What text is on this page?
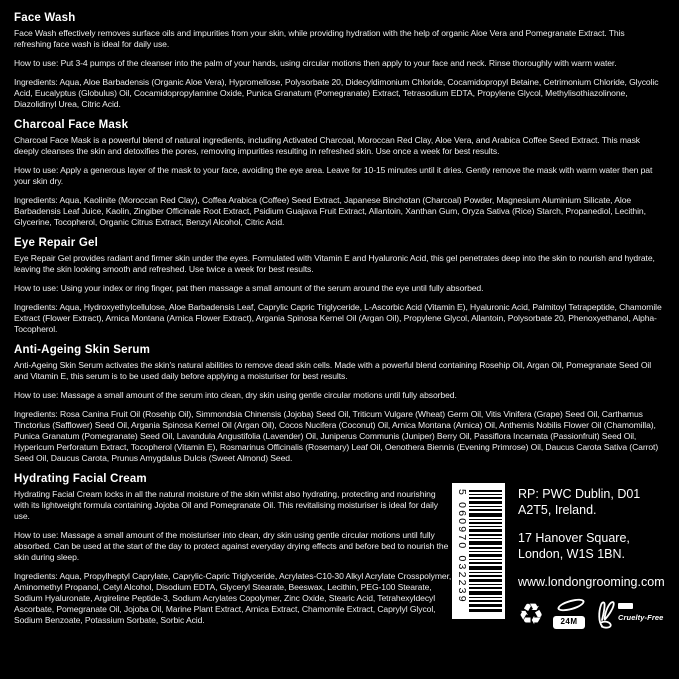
Face Wash

Face Wash effectively removes surface oils and impurities from your skin, while providing hydration with the help of organic Aloe Vera and Pomegranate Extract. This refreshing face wash is ideal for daily use.

How to use: Put 3-4 pumps of the cleanser into the palm of your hands, using circular motions then apply to your face and neck. Rinse thoroughly with warm water.

Ingredients: Aqua, Aloe Barbadensis (Organic Aloe Vera), Hypromellose, Polysorbate 20, Didecyldimonium Chloride, Cocamidopropyl Betaine, Cetrimonium Chloride, Glycolic Acid, Eucalyptus (Globulus) Oil, Cocamidopropylamine Oxide, Punica Granatum (Pomegranate) Extract, Tetrasodium EDTA, Propylene Glycol, Methylisothiazolinone, Diazolidinyl Urea, Citric Acid.

Charcoal Face Mask

Charcoal Face Mask is a powerful blend of natural ingredients, including Activated Charcoal, Moroccan Red Clay, Aloe Vera, and Arabica Coffee Seed Extract. This mask deeply cleanses the skin and detoxifies the pores, removing impurities resulting in refreshed skin. Use once a week for best results.

How to use: Apply a generous layer of the mask to your face, avoiding the eye area. Leave for 10-15 minutes until it dries. Gently remove the mask with warm water then pat your skin dry.

Ingredients: Aqua, Kaolinite (Moroccan Red Clay), Coffea Arabica (Coffee) Seed Extract, Japanese Binchotan (Charcoal) Powder, Magnesium Aluminium Silicate, Aloe Barbadensis Leaf Juice, Kaolin, Zingiber Officinale Root Extract, Psidium Guajava Fruit Extract, Allantoin, Xanthan Gum, Oryza Sativa (Rice) Starch, Propanediol, Lecithin, Glycerine, Tocopherol, Organic Citrus Extract, Benzyl Alcohol, Citric Acid.

Eye Repair Gel

Eye Repair Gel provides radiant and firmer skin under the eyes. Formulated with Vitamin E and Hyaluronic Acid, this gel penetrates deep into the skin to nourish and hydrate, leaving the skin looking smooth and refreshed. Use twice a week for best results.

How to use: Using your index or ring finger, pat then massage a small amount of the serum around the eye until fully absorbed.

Ingredients: Aqua, Hydroxyethylcellulose, Aloe Barbadensis Leaf, Caprylic Capric Triglyceride, L-Ascorbic Acid (Vitamin E), Hyaluronic Acid, Palmitoyl Tetrapeptide, Chamomile Extract (Flower Extract), Arnica Montana (Arnica Flower Extract), Argania Spinosa Kernel Oil (Argan Oil), Propylene Glycol, Allantoin, Polysorbate 20, Phenoxyethanol, Alpha-Tocopherol.

Anti-Ageing Skin Serum

Anti-Ageing Skin Serum activates the skin's natural abilities to remove dead skin cells. Made with a powerful blend containing Rosehip Oil, Argan Oil, Pomegranate Seed Oil and Vitamin E, this serum is to be used daily before applying a moisturiser for best results.

How to use: Massage a small amount of the serum into clean, dry skin using gentle circular motions until fully absorbed.

Ingredients: Rosa Canina Fruit Oil (Rosehip Oil), Simmondsia Chinensis (Jojoba) Seed Oil, Triticum Vulgare (Wheat) Germ Oil, Vitis Vinifera (Grape) Seed Oil, Carthamus Tinctorius (Safflower) Seed Oil, Argania Spinosa Kernel Oil (Argan Oil), Cocos Nucifera (Coconut) Oil, Arnica Montana (Arnica) Oil, Anthemis Nobilis Flower Oil (Chamomilla), Punica Granatum (Pomegranate) Seed Oil, Lavandula Angustifolia (Lavender) Oil, Juniperus Communis (Juniper) Berry Oil, Passiflora Incarnata (Passionfruit) Seed Oil, Hypericum Perforatum Extract, Tocopherol (Vitamin E), Rosmarinus Officinalis (Rosemary) Leaf Oil, Oenothera Biennis (Evening Primrose) Oil, Daucus Carota Sativa (Carrot) Seed Oil, Daucus Carota, Prunus Amygdalus Dulcis (Sweet Almond) Seed.

Hydrating Facial Cream

Hydrating Facial Cream locks in all the natural moisture of the skin whilst also hydrating, protecting and nourishing with its lightweight formula containing Jojoba Oil and Pomegranate Oil. This revitalising moisturiser is ideal for daily use.

How to use: Massage a small amount of the moisturiser into clean, dry skin using gentle circular motions until fully absorbed. Can be used at the start of the day to protect against everyday drying effects and before bed to nourish the skin during sleep.

Ingredients: Aqua, Propylheptyl Caprylate, Caprylic-Capric Triglyceride, Acrylates-C10-30 Alkyl Acrylate Crosspolymer, Aminomethyl Propanol, Cetyl Alcohol, Disodium EDTA, Glyceryl Stearate, Beeswax, Lecithin, PEG-100 Stearate, Sodium Hyaluronate, Argireline Peptide-3, Sodium Acrylates Copolymer, Zinc Oxide, Stearic Acid, Tetrahexyldecyl Ascorbate, Pomegranate Oil, Jojoba Oil, Marine Plant Extract, Arnica Extract, Chamomile Extract, Caprylyl Glycol, Sodium Benzoate, Potassium Sorbate, Sorbic Acid.

5 060970 032239	RP: PWC Dublin, D01 A2T5, Ireland.

17 Hanover Square, London, W1S 1BN.

www.londongrooming.com

♻	24M	Cruelty-Free
